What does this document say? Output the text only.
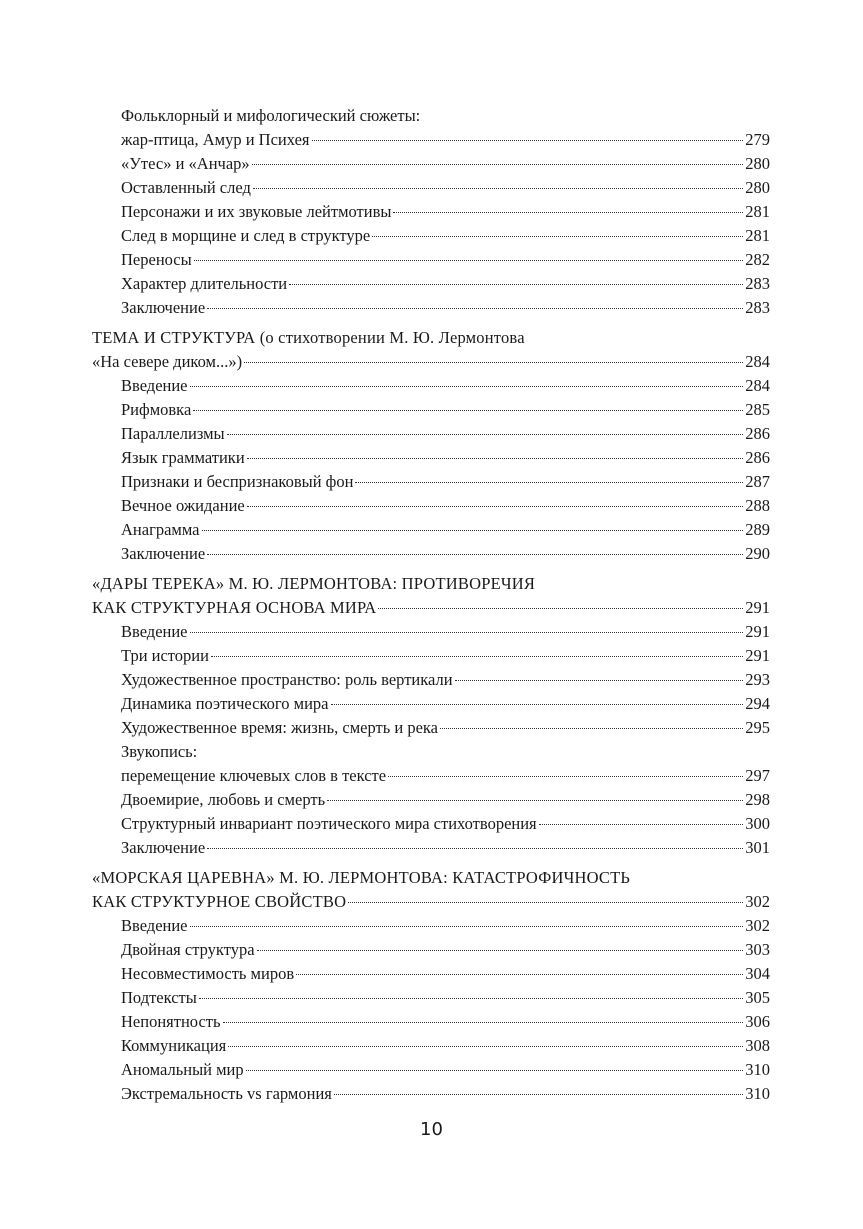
Фольклорный и мифологический сюжеты:
жар-птица, Амур и Психея	279
«Утес» и «Анчар»	280
Оставленный след	280
Персонажи и их звуковые лейтмотивы	281
След в морщине и след в структуре	281
Переносы	282
Характер длительности	283
Заключение	283
ТЕМА И СТРУКТУРА (о стихотворении М. Ю. Лермонтова
«На севере диком...»)	284
Введение	284
Рифмовка	285
Параллелизмы	286
Язык грамматики	286
Признаки и беспризнаковый фон	287
Вечное ожидание	288
Анаграмма	289
Заключение	290
«ДАРЫ ТЕРЕКА» М. Ю. ЛЕРМОНТОВА: ПРОТИВОРЕЧИЯ
КАК СТРУКТУРНАЯ ОСНОВА МИРА	291
Введение	291
Три истории	291
Художественное пространство: роль вертикали	293
Динамика поэтического мира	294
Художественное время: жизнь, смерть и река	295
Звукопись:
перемещение ключевых слов в тексте	297
Двоемирие, любовь и смерть	298
Структурный инвариант поэтического мира стихотворения	300
Заключение	301
«МОРСКАЯ ЦАРЕВНА» М. Ю. ЛЕРМОНТОВА: КАТАСТРОФИЧНОСТЬ
КАК СТРУКТУРНОЕ СВОЙСТВО	302
Введение	302
Двойная структура	303
Несовместимость миров	304
Подтексты	305
Непонятность	306
Коммуникация	308
Аномальный мир	310
Экстремальность vs гармония	310
10
